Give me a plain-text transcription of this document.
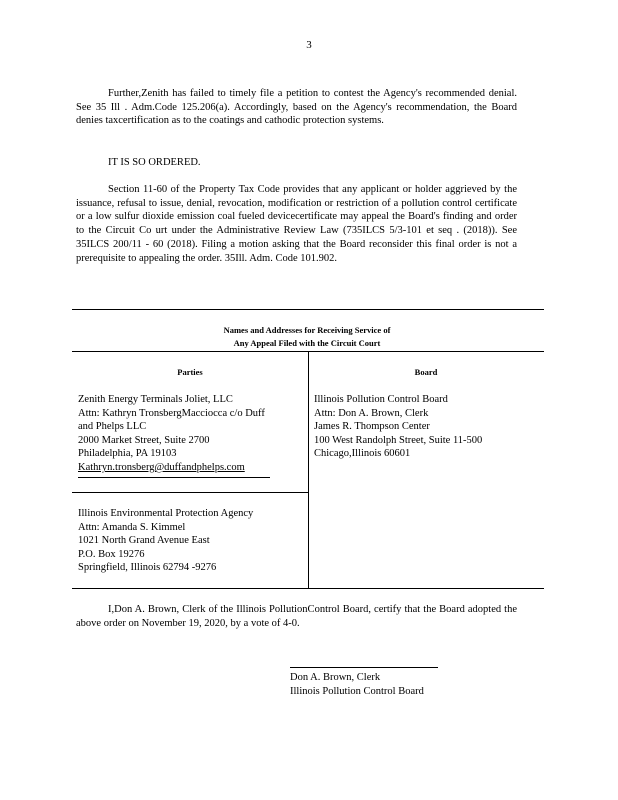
3

Further,Zenith has failed to timely file a petition to contest the Agency's recommended denial. See 35 Ill . Adm.Code 125.206(a). Accordingly, based on the Agency's recommendation, the Board denies taxcertification as to the coatings and cathodic protection systems.

IT IS SO ORDERED.

Section 11-60 of the Property Tax Code provides that any applicant or holder aggrieved by the issuance, refusal to issue, denial, revocation, modification or restriction of a pollution control certificate or a low sulfur dioxide emission coal fueled devicecertificate may appeal the Board's finding and order to the Circuit Co urt under the Administrative Review Law (735ILCS 5/3-101 et seq . (2018)). See 35ILCS 200/11 - 60 (2018). Filing a motion asking that the Board reconsider this final order is not a prerequisite to appealing the order. 35Ill. Adm. Code 101.902.

Names and Addresses for Receiving Service of
Any Appeal Filed with the Circuit Court
Parties	Board
Zenith Energy Terminals Joliet, LLC
Attn: Kathryn TronsbergMacciocca c/o Duff
and Phelps LLC
2000 Market Street, Suite 2700
Philadelphia, PA 19103
Kathryn.tronsberg@duffandphelps.com
Illinois Environmental Protection Agency
Attn: Amanda S. Kimmel
1021 North Grand Avenue East
P.O. Box 19276
Springfield, Illinois 62794 -9276
Illinois Pollution Control Board
Attn: Don A. Brown, Clerk
James R. Thompson Center
100 West Randolph Street, Suite 11-500
Chicago,Illinois 60601

I,Don A. Brown, Clerk of the Illinois PollutionControl Board, certify that the Board adopted the above order on November 19, 2020, by a vote of 4-0.

Don A. Brown, Clerk
Illinois Pollution Control Board
